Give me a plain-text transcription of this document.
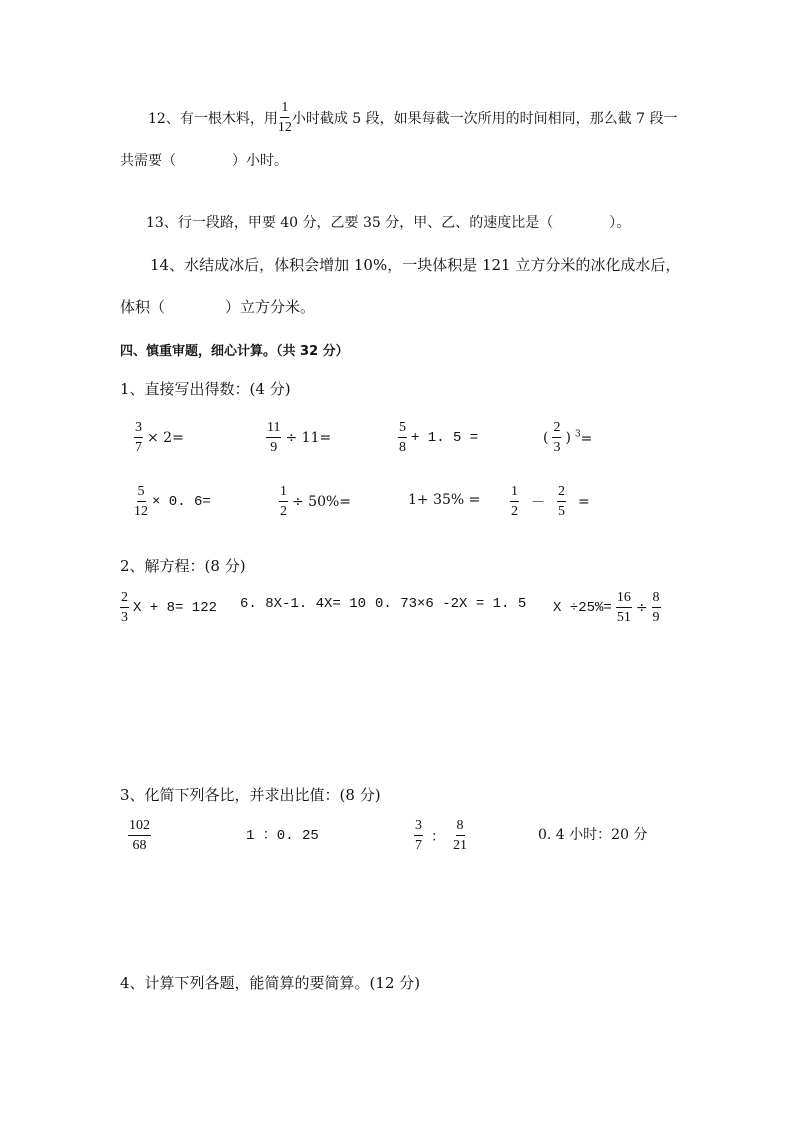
12、有一根木料，用 $\frac{1}{12}$ 小时截成 5 段，如果每截一次所用的时间相同，那么截 7 段一
共需要（　　　　）小时。
13、行一段路，甲要 40 分，乙要 35 分，甲、乙、的速度比是（　　　　）。
14、水结成冰后，体积会增加 10%，一块体积是 121 立方分米的冰化成水后，
体积（　　　　）立方分米。
四、慎重审题，细心计算。（共 32 分）
1、直接写出得数：(4 分)
$\frac{3}{7} \times 2=$	$\frac{11}{9} \div 11=$	$\frac{5}{8} + 1$. 5 =	( $\frac{2}{3}$ ) $^3$=
$\frac{5}{12} \times 0$. 6=	$\frac{1}{2} \div 50\%=$	$1+ 35\% = \frac{1}{2} - \frac{2}{5}$ =
2、解方程：(8 分)
$\frac{2}{3}$ X + 8= 122 6. 8X-1. 4X= 10 0. 73×6 -2X = 1. 5 $X \div 25\%= \frac{16}{51} \div \frac{8}{9}$
3、化简下列各比，并求出比值：(8 分)
$\frac{102}{68}$	1 ：0. 25	$\frac{3}{7}$ ： $\frac{8}{21}$	0. 4 小时：20 分
4、计算下列各题，能简算的要简算。(12 分)
